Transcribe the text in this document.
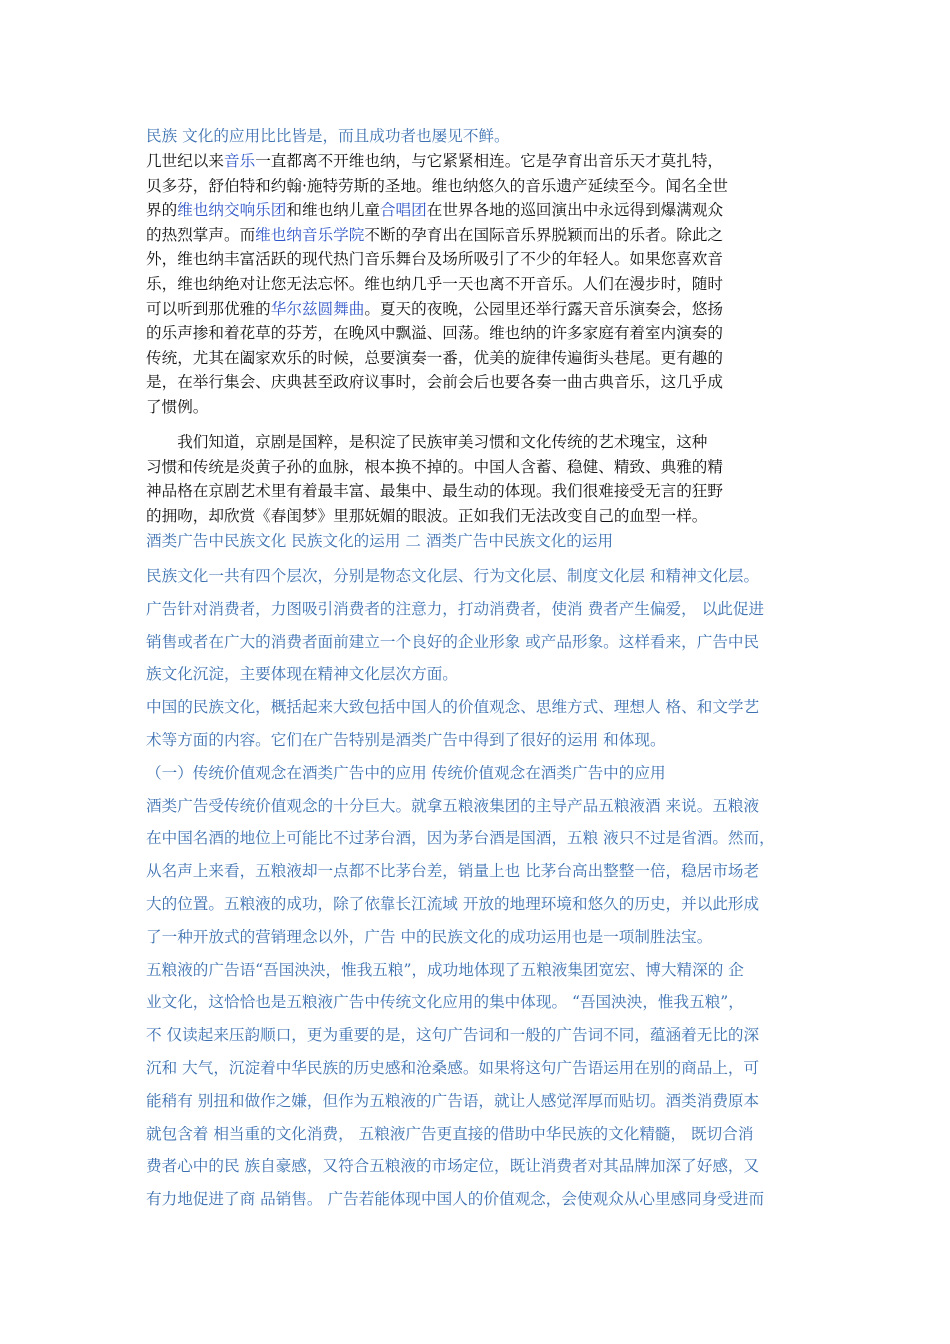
民族 文化的应用比比皆是，而且成功者也屡见不鲜。
几世纪以来音乐一直都离不开维也纳，与它紧紧相连。它是孕育出音乐天才莫扎特，
贝多芬，舒伯特和约翰·施特劳斯的圣地。维也纳悠久的音乐遗产延续至今。闻名全世
界的维也纳交响乐团和维也纳儿童合唱团在世界各地的巡回演出中永远得到爆满观众
的热烈掌声。而维也纳音乐学院不断的孕育出在国际音乐界脱颖而出的乐者。除此之
外，维也纳丰富活跃的现代热门音乐舞台及场所吸引了不少的年轻人。如果您喜欢音
乐，维也纳绝对让您无法忘怀。维也纳几乎一天也离不开音乐。人们在漫步时，随时
可以听到那优雅的华尔兹圆舞曲。夏天的夜晚，公园里还举行露天音乐演奏会，悠扬
的乐声掺和着花草的芬芳，在晚风中飘溢、回荡。维也纳的许多家庭有着室内演奏的
传统，尤其在阖家欢乐的时候，总要演奏一番，优美的旋律传遍街头巷尾。更有趣的
是，在举行集会、庆典甚至政府议事时，会前会后也要各奏一曲古典音乐，这几乎成
了惯例。
　　我们知道，京剧是国粹，是积淀了民族审美习惯和文化传统的艺术瑰宝，这种
习惯和传统是炎黄子孙的血脉，根本换不掉的。中国人含蓄、稳健、精致、典雅的精
神品格在京剧艺术里有着最丰富、最集中、最生动的体现。我们很难接受无言的狂野
的拥吻，却欣赏《春闺梦》里那妩媚的眼波。正如我们无法改变自己的血型一样。
酒类广告中民族文化 民族文化的运用 二 酒类广告中民族文化的运用
民族文化一共有四个层次，分别是物态文化层、行为文化层、制度文化层 和精神文化层。
广告针对消费者，力图吸引消费者的注意力，打动消费者，使消 费者产生偏爱， 以此促进
销售或者在广大的消费者面前建立一个良好的企业形象 或产品形象。这样看来，广告中民
族文化沉淀，主要体现在精神文化层次方面。
中国的民族文化，概括起来大致包括中国人的价值观念、思维方式、理想人 格、和文学艺
术等方面的内容。它们在广告特别是酒类广告中得到了很好的运用 和体现。
（一）传统价值观念在酒类广告中的应用 传统价值观念在酒类广告中的应用
酒类广告受传统价值观念的十分巨大。就拿五粮液集团的主导产品五粮液酒 来说。五粮液
在中国名酒的地位上可能比不过茅台酒，因为茅台酒是国酒，五粮 液只不过是省酒。然而，
从名声上来看，五粮液却一点都不比茅台差，销量上也 比茅台高出整整一倍，稳居市场老
大的位置。五粮液的成功，除了依靠长江流域 开放的地理环境和悠久的历史，并以此形成
了一种开放式的营销理念以外，广告 中的民族文化的成功运用也是一项制胜法宝。
五粮液的广告语“吾国泱泱，惟我五粮”，成功地体现了五粮液集团宽宏、博大精深的 企
业文化，这恰恰也是五粮液广告中传统文化应用的集中体现。 “吾国泱泱，惟我五粮”，
不 仅读起来压韵顺口，更为重要的是，这句广告词和一般的广告词不同，蕴涵着无比的深
沉和 大气，沉淀着中华民族的历史感和沧桑感。如果将这句广告语运用在别的商品上，可
能稍有 别扭和做作之嫌，但作为五粮液的广告语，就让人感觉浑厚而贴切。酒类消费原本
就包含着 相当重的文化消费， 五粮液广告更直接的借助中华民族的文化精髓， 既切合消
费者心中的民 族自豪感，又符合五粮液的市场定位，既让消费者对其品牌加深了好感，又
有力地促进了商 品销售。 广告若能体现中国人的价值观念，会使观众从心里感同身受进而
